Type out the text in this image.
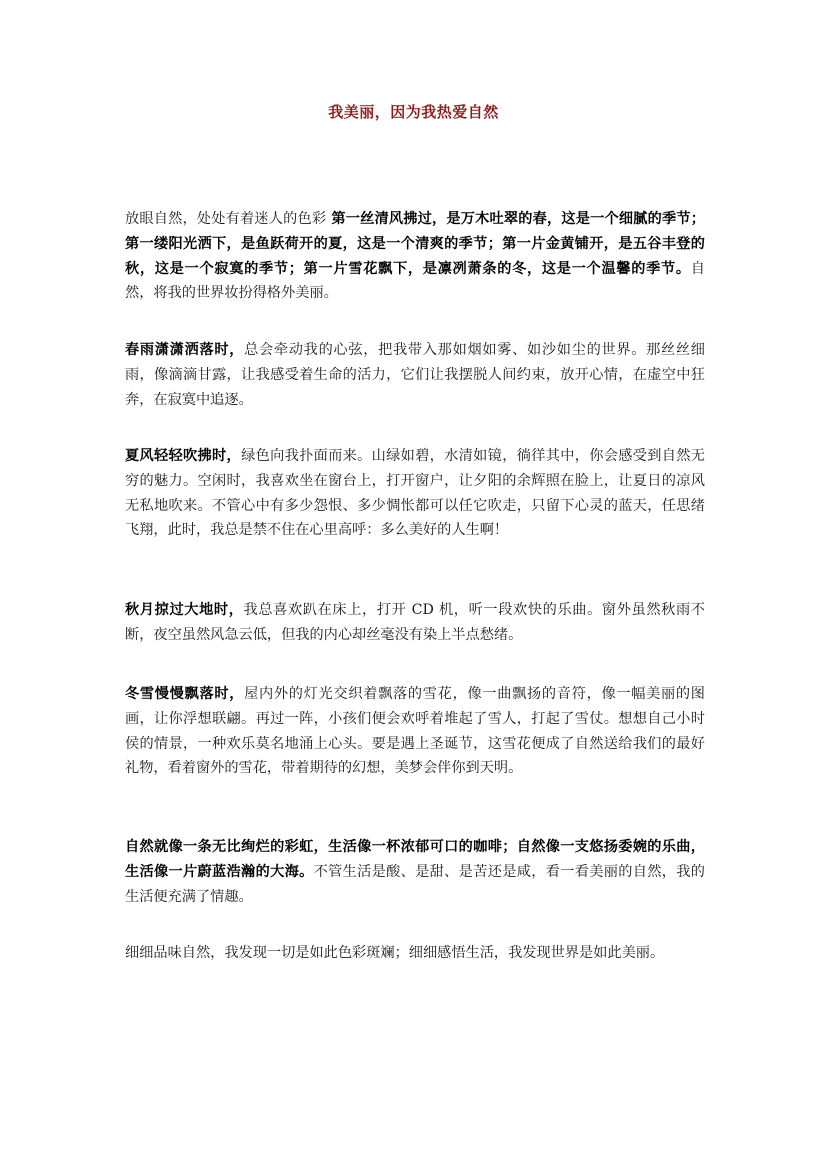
我美丽，因为我热爱自然

放眼自然，处处有着迷人的色彩 第一丝清风拂过，是万木吐翠的春，这是一个细腻的季节；第一缕阳光洒下，是鱼跃荷开的夏，这是一个清爽的季节；第一片金黄铺开，是五谷丰登的秋，这是一个寂寞的季节；第一片雪花飘下，是凛冽萧条的冬，这是一个温馨的季节。自然，将我的世界妆扮得格外美丽。

春雨潇潇洒落时，总会牵动我的心弦，把我带入那如烟如雾、如沙如尘的世界。那丝丝细雨，像滴滴甘露，让我感受着生命的活力，它们让我摆脱人间约束，放开心情，在虚空中狂奔，在寂寞中追逐。

夏风轻轻吹拂时，绿色向我扑面而来。山绿如碧，水清如镜，徜徉其中，你会感受到自然无穷的魅力。空闲时，我喜欢坐在窗台上，打开窗户，让夕阳的余辉照在脸上，让夏日的凉风无私地吹来。不管心中有多少怨恨、多少惆怅都可以任它吹走，只留下心灵的蓝天，任思绪飞翔，此时，我总是禁不住在心里高呼：多么美好的人生啊！

秋月掠过大地时，我总喜欢趴在床上，打开 CD 机，听一段欢快的乐曲。窗外虽然秋雨不断，夜空虽然风急云低，但我的内心却丝毫没有染上半点愁绪。

冬雪慢慢飘落时，屋内外的灯光交织着飘落的雪花，像一曲飘扬的音符，像一幅美丽的图画，让你浮想联翩。再过一阵，小孩们便会欢呼着堆起了雪人，打起了雪仗。想想自己小时侯的情景，一种欢乐莫名地涌上心头。要是遇上圣诞节，这雪花便成了自然送给我们的最好礼物，看着窗外的雪花，带着期待的幻想，美梦会伴你到天明。

自然就像一条无比绚烂的彩虹，生活像一杯浓郁可口的咖啡；自然像一支悠扬委婉的乐曲，生活像一片蔚蓝浩瀚的大海。不管生活是酸、是甜、是苦还是咸，看一看美丽的自然，我的生活便充满了情趣。

细细品味自然，我发现一切是如此色彩斑斓；细细感悟生活，我发现世界是如此美丽。
